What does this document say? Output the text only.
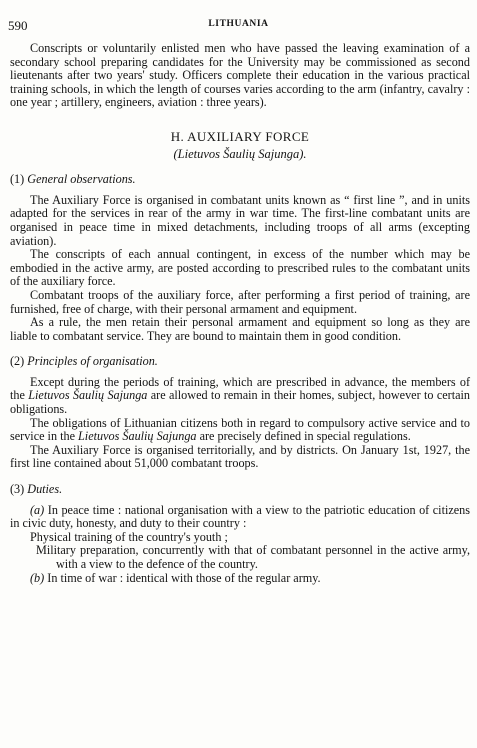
590	LITHUANIA

Conscripts or voluntarily enlisted men who have passed the leaving examination of a secondary school preparing candidates for the University may be commissioned as second lieutenants after two years' study. Officers complete their education in the various practical training schools, in which the length of courses varies according to the arm (infantry, cavalry : one year ; artillery, engineers, aviation : three years).

H. AUXILIARY FORCE
(Lietuvos Šaulių Sajunga).

(1) General observations.

The Auxiliary Force is organised in combatant units known as “ first line ”, and in units adapted for the services in rear of the army in war time. The first-line combatant units are organised in peace time in mixed detachments, including troops of all arms (excepting aviation).

The conscripts of each annual contingent, in excess of the number which may be embodied in the active army, are posted according to prescribed rules to the combatant units of the auxiliary force.

Combatant troops of the auxiliary force, after performing a first period of training, are furnished, free of charge, with their personal armament and equipment.

As a rule, the men retain their personal armament and equipment so long as they are liable to combatant service. They are bound to maintain them in good condition.

(2) Principles of organisation.

Except during the periods of training, which are prescribed in advance, the members of the Lietuvos Šaulių Sajunga are allowed to remain in their homes, subject, however to certain obligations.

The obligations of Lithuanian citizens both in regard to compulsory active service and to service in the Lietuvos Šaulių Sajunga are precisely defined in special regulations.

The Auxiliary Force is organised territorially, and by districts. On January 1st, 1927, the first line contained about 51,000 combatant troops.

(3) Duties.

(a) In peace time : national organisation with a view to the patriotic education of citizens in civic duty, honesty, and duty to their country :

Physical training of the country's youth ;

Military preparation, concurrently with that of combatant personnel in the active army, with a view to the defence of the country.

(b) In time of war : identical with those of the regular army.
